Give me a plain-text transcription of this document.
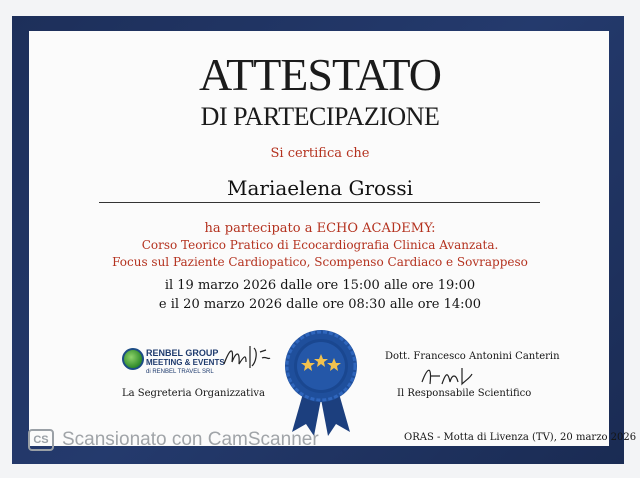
ATTESTATO
DI PARTECIPAZIONE
Si certifica che
Mariaelena Grossi
ha partecipato a ECHO ACADEMY:
Corso Teorico Pratico di Ecocardiografia Clinica Avanzata.
Focus sul Paziente Cardiopatico, Scompenso Cardiaco e Sovrappeso
il 19 marzo 2026 dalle ore 15:00 alle ore 19:00
e il 20 marzo 2026 dalle ore 08:30 alle ore 14:00
RENBEL GROUP
MEETING & EVENTS
di RENBEL TRAVEL SRL
La Segreteria Organizzativa
Dott. Francesco Antonini Canterin
Il Responsabile Scientifico
ORAS - Motta di Livenza (TV), 20 marzo 2026
CS Scansionato con CamScanner
